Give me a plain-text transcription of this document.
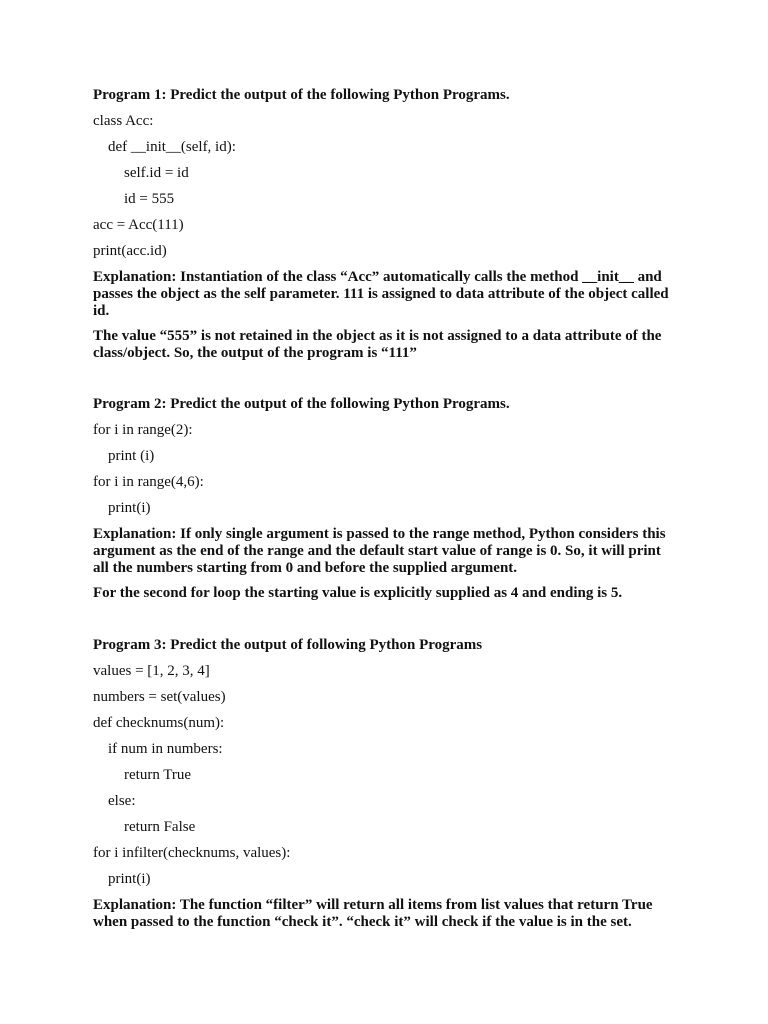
Program 1: Predict the output of the following Python Programs.
class Acc:
def __init__(self, id):
self.id = id
id = 555
acc = Acc(111)
print(acc.id)
Explanation: Instantiation of the class “Acc” automatically calls the method __init__ and passes the object as the self parameter. 111 is assigned to data attribute of the object called id.
The value “555” is not retained in the object as it is not assigned to a data attribute of the class/object. So, the output of the program is “111”
Program 2: Predict the output of the following Python Programs.
for i in range(2):
print (i)
for i in range(4,6):
print(i)
Explanation: If only single argument is passed to the range method, Python considers this argument as the end of the range and the default start value of range is 0. So, it will print all the numbers starting from 0 and before the supplied argument.
For the second for loop the starting value is explicitly supplied as 4 and ending is 5.
Program 3: Predict the output of following Python Programs
values = [1, 2, 3, 4]
numbers = set(values)
def checknums(num):
if num in numbers:
return True
else:
return False
for i infilter(checknums, values):
print(i)
Explanation: The function “filter” will return all items from list values that return True when passed to the function “check it”. “check it” will check if the value is in the set.
